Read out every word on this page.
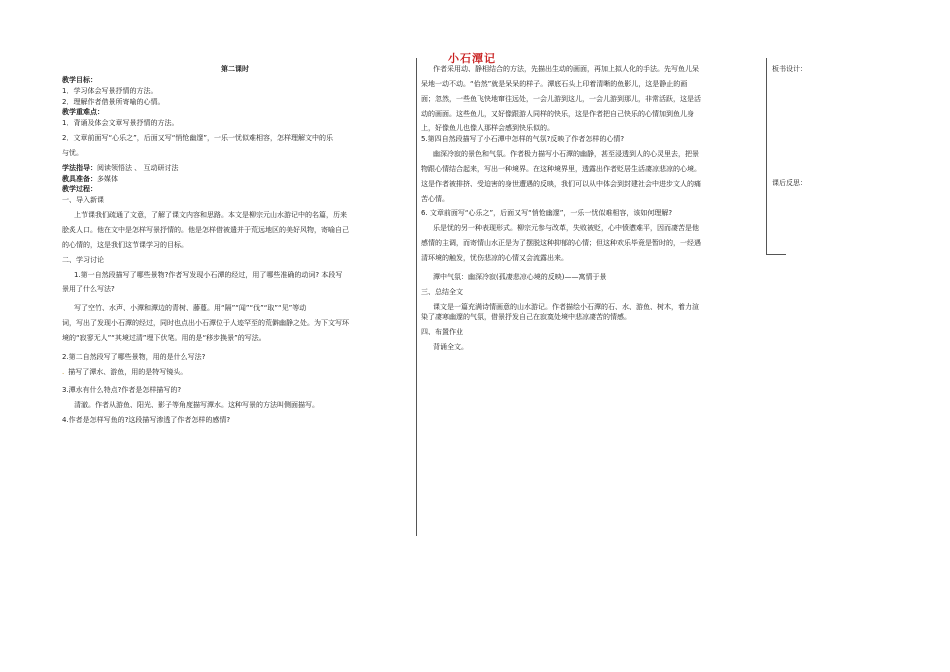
小石潭记

第二课时

教学目标：

1．学习体会写景抒情的方法。

2．理解作者借景所寄喻的心情。

教学重难点：

1．背诵及体会文章写景抒情的方法。

2．文章前面写“心乐之”，后面又写“悄怆幽邃”，一乐一忧似难相容，怎样理解文中的乐

与忧。

学法指导：阅读领悟法 、 互动研讨法

教具准备：多媒体

教学过程：

一、导入新课

上节课我们疏通了文意，了解了课文内容和思路。本文是柳宗元山水游记中的名篇，历来

脍炙人口。他在文中是怎样写景抒情的。他是怎样借被遣并于荒远地区的美好风物，寄喻自己

的心情的，这是我们这节课学习的目标。

二、学习讨论

1.第一自然段描写了哪些景物?作者写发现小石潭的经过，用了哪些准确的动词? 本段写

景用了什么写法?

写了空竹、水声、小潭和潭边的青树、藤蔓。用“隔”“闻”“伐”“取”“见”等动

词，写出了发现小石潭的经过，同时也点出小石潭位于人迹罕至的荒僻幽静之处。为下文写环

境的“寂寥无人”“其境过清”埋下伏笔。用的是“移步换景”的写法。

2.第二自然段写了哪些景物，用的是什么写法?

. 描写了潭水、游鱼，用的是特写镜头。

3.潭水有什么特点?作者是怎样描写的?

清澈。作者从游鱼、阳光、影子等角度描写潭水。这种写景的方法叫侧面描写。

4.作者是怎样写鱼的?这段描写渗透了作者怎样的感情?

作者采用动、静相结合的方法，先描出生动的画面，再加上拟人化的手法。先写鱼儿呆

呆地一动不动。“佁然”就是呆呆的样子。潭底石头上印着清晰的鱼影儿，这是静止的画

面；忽然，一些鱼飞快地窜往远处，一会儿游到这儿，一会儿游到那儿，非常活跃，这是活

动的画面。这些鱼儿，又好像跟游人同样的快乐，这是作者把自己快乐的心情加到鱼儿身

上，好像鱼儿也像人那样会感到快乐似的。

5.第四自然段描写了小石潭中怎样的气氛?反映了作者怎样的心情?

幽深冷寂的景色和气氛。作者极力描写小石潭的幽静，甚至浸透到人的心灵里去，把景

物跟心情结合起来，写出一种境界。在这种境界里，透露出作者贬居生活凄凉悲凉的心境。

这是作者被排挤、受迫害的身世遭遇的反映，我们可以从中体会到封建社会中进步文人的痛

苦心情。

6. 文章前面写“心乐之”，后面又写“悄怆幽邃”，一乐一忧似难相容，该如何理解?

乐是忧的另一种表现形式。柳宗元参与改革，失败被贬，心中愤懑难平，因而凄苦是他

感情的主调，而寄情山水正是为了摆脱这种抑郁的心情；但这种欢乐毕竟是暂时的，一经遇

清环境的触发，忧伤悲凉的心情又会流露出来。

潭中气氛：幽深冷寂(孤凄悲凉心境的反映)——寓情于景

三、总结全文

课文是一篇充满诗情画意的山水游记。作者描绘小石潭的石、水、游鱼、树木，着力渲

染了凄寒幽邃的气氛，借景抒发自己在寂寞处境中悲凉凄苦的情感。

四、布置作业

背诵全文。

板书设计：

课后反思：
